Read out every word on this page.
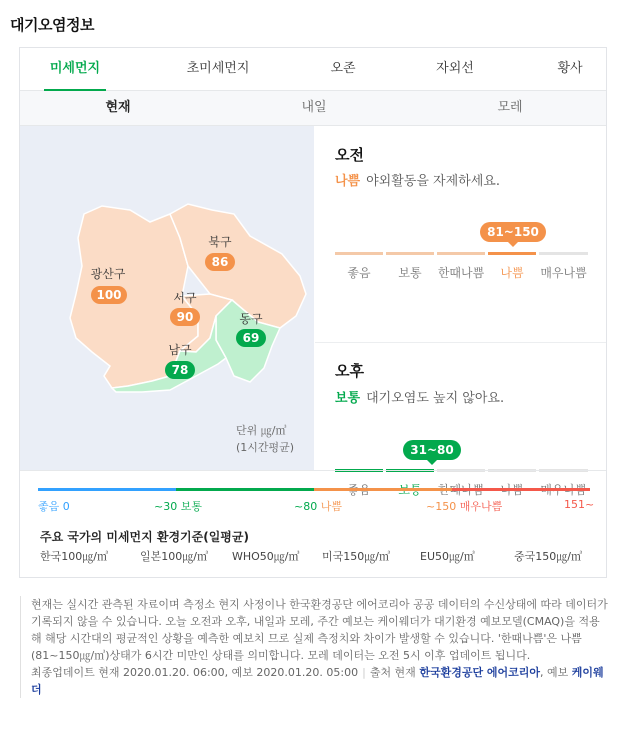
대기오염정보
미세먼지	초미세먼지	오존	자외선	황사
현재	내일	모레
광산구
100
북구
86
서구
90	동구
69
남구
78
단위 ㎍/㎥
(1시간평균)
오전
나쁨 야외활동을 자제하세요.
81~150
좋음	보통	한때나쁨	나쁨	매우나쁨
오후
보통 대기오염도 높지 않아요.
31~80
좋음 0	~30 보통	~80 나쁨	~150 매우나쁨	151~
주요 국가의 미세먼지 환경기준(일평균)
한국100㎍/㎥	일본100㎍/㎥ WHO50㎍/㎥ 미국150㎍/㎥	EU50㎍/㎥	중국150㎍/㎥
현재는 실시간 관측된 자료이며 측정소 현지 사정이나 한국환경공단 에어코리아 공공 데이터의 수신상태에 따라 데이터가 기록되지 않을 수 있습니다. 오늘 오전과 오후, 내일과 모레, 주간 예보는 케이웨더가 대기환경 예보모델(CMAQ)을 적용해 해당 시간대의 평균적인 상황을 예측한 예보치 므로 실제 측정치와 차이가 발생할 수 있습니다. '한때나쁨'은 나쁨(81~150㎍/㎥)상태가 6시간 미만인 상태를 의미합니다. 모레 데이터는 오전 5시 이후 업데이트 됩니다.
최종업데이트 현재 2020.01.20. 06:00, 예보 2020.01.20. 05:00 | 출처 현재 한국환경공단 에어코리아, 예보 케이웨더
